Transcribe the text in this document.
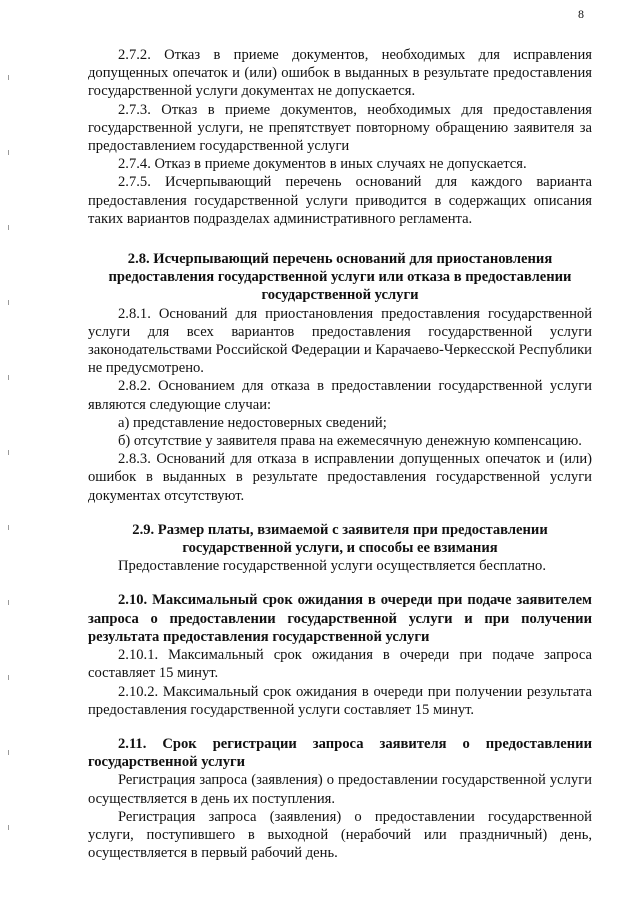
8

2.7.2. Отказ в приеме документов, необходимых для исправления допущенных опечаток и (или) ошибок в выданных в результате предоставления государственной услуги документах не допускается.

2.7.3. Отказ в приеме документов, необходимых для предоставления государственной услуги, не препятствует повторному обращению заявителя за предоставлением государственной услуги

2.7.4. Отказ в приеме документов в иных случаях не допускается.

2.7.5. Исчерпывающий перечень оснований для каждого варианта предоставления государственной услуги приводится в содержащих описания таких вариантов подразделах административного регламента.

2.8. Исчерпывающий перечень оснований для приостановления предоставления государственной услуги или отказа в предоставлении государственной услуги

2.8.1. Оснований для приостановления предоставления государственной услуги для всех вариантов предоставления государственной услуги законодательствами Российской Федерации и Карачаево-Черкесской Республики не предусмотрено.

2.8.2. Основанием для отказа в предоставлении государственной услуги являются следующие случаи:

а) представление недостоверных сведений;

б) отсутствие у заявителя права на ежемесячную денежную компенсацию.

2.8.3. Оснований для отказа в исправлении допущенных опечаток и (или) ошибок в выданных в результате предоставления государственной услуги документах отсутствуют.

2.9. Размер платы, взимаемой с заявителя при предоставлении государственной услуги, и способы ее взимания

Предоставление государственной услуги осуществляется бесплатно.

2.10. Максимальный срок ожидания в очереди при подаче заявителем запроса о предоставлении государственной услуги и при получении результата предоставления государственной услуги

2.10.1. Максимальный срок ожидания в очереди при подаче запроса составляет 15 минут.

2.10.2. Максимальный срок ожидания в очереди при получении результата предоставления государственной услуги составляет 15 минут.

2.11. Срок регистрации запроса заявителя о предоставлении государственной услуги

Регистрация запроса (заявления) о предоставлении государственной услуги осуществляется в день их поступления.

Регистрация запроса (заявления) о предоставлении государственной услуги, поступившего в выходной (нерабочий или праздничный) день, осуществляется в первый рабочий день.
